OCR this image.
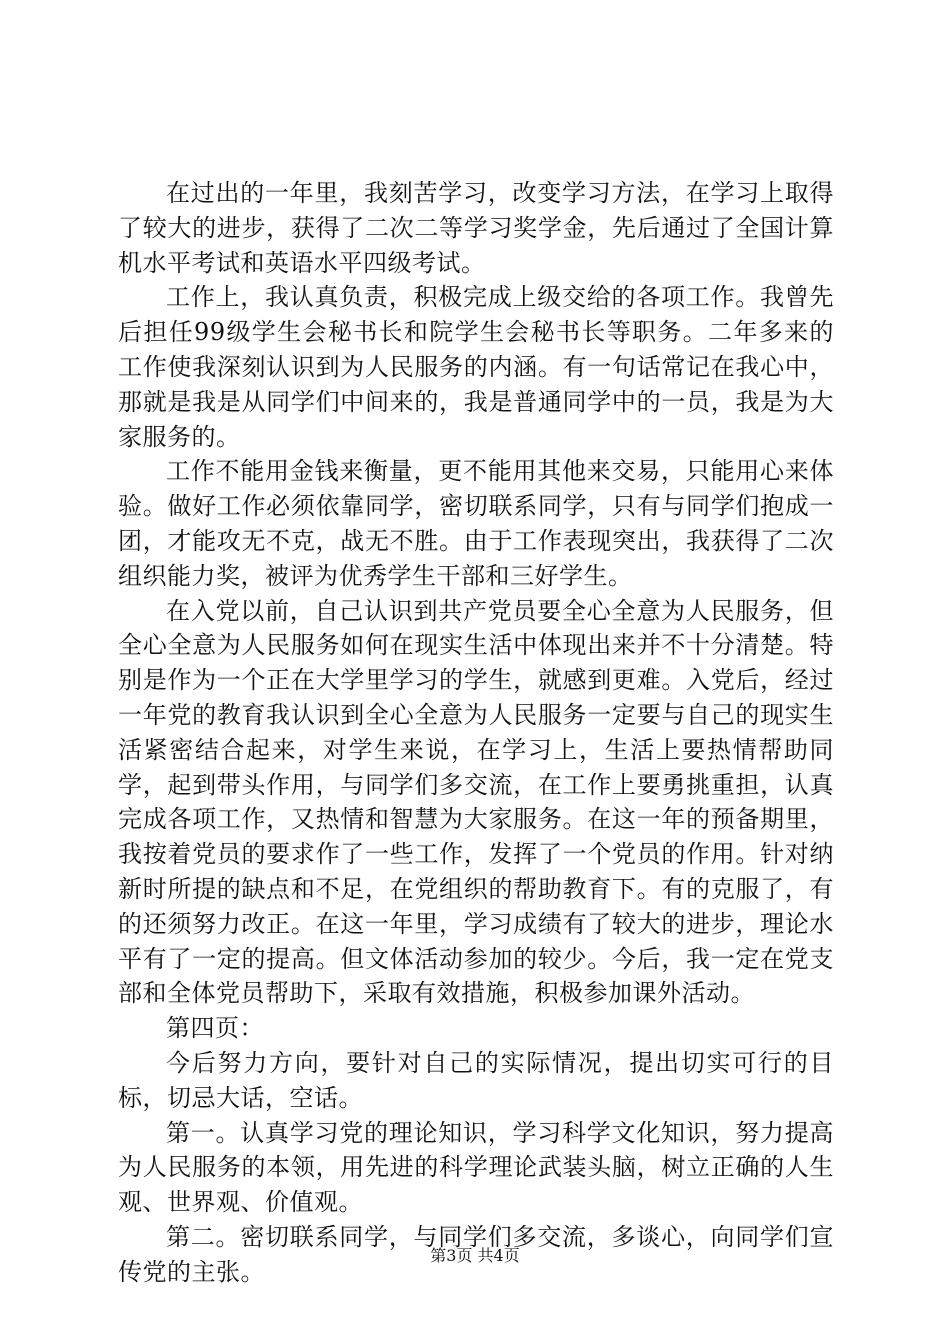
在过出的一年里，我刻苦学习，改变学习方法，在学习上取得了较大的进步，获得了二次二等学习奖学金，先后通过了全国计算机水平考试和英语水平四级考试。

工作上，我认真负责，积极完成上级交给的各项工作。我曾先后担任99级学生会秘书长和院学生会秘书长等职务。二年多来的工作使我深刻认识到为人民服务的内涵。有一句话常记在我心中，那就是我是从同学们中间来的，我是普通同学中的一员，我是为大家服务的。

工作不能用金钱来衡量，更不能用其他来交易，只能用心来体验。做好工作必须依靠同学，密切联系同学，只有与同学们抱成一团，才能攻无不克，战无不胜。由于工作表现突出，我获得了二次组织能力奖，被评为优秀学生干部和三好学生。

在入党以前，自己认识到共产党员要全心全意为人民服务，但全心全意为人民服务如何在现实生活中体现出来并不十分清楚。特别是作为一个正在大学里学习的学生，就感到更难。入党后，经过一年党的教育我认识到全心全意为人民服务一定要与自己的现实生活紧密结合起来，对学生来说，在学习上，生活上要热情帮助同学，起到带头作用，与同学们多交流，在工作上要勇挑重担，认真完成各项工作，又热情和智慧为大家服务。在这一年的预备期里，我按着党员的要求作了一些工作，发挥了一个党员的作用。针对纳新时所提的缺点和不足，在党组织的帮助教育下。有的克服了，有的还须努力改正。在这一年里，学习成绩有了较大的进步，理论水平有了一定的提高。但文体活动参加的较少。今后，我一定在党支部和全体党员帮助下，采取有效措施，积极参加课外活动。

第四页：

今后努力方向，要针对自己的实际情况，提出切实可行的目标，切忌大话，空话。

第一。认真学习党的理论知识，学习科学文化知识，努力提高为人民服务的本领，用先进的科学理论武装头脑，树立正确的人生观、世界观、价值观。

第二。密切联系同学，与同学们多交流，多谈心，向同学们宣传党的主张。

第3页 共4页
